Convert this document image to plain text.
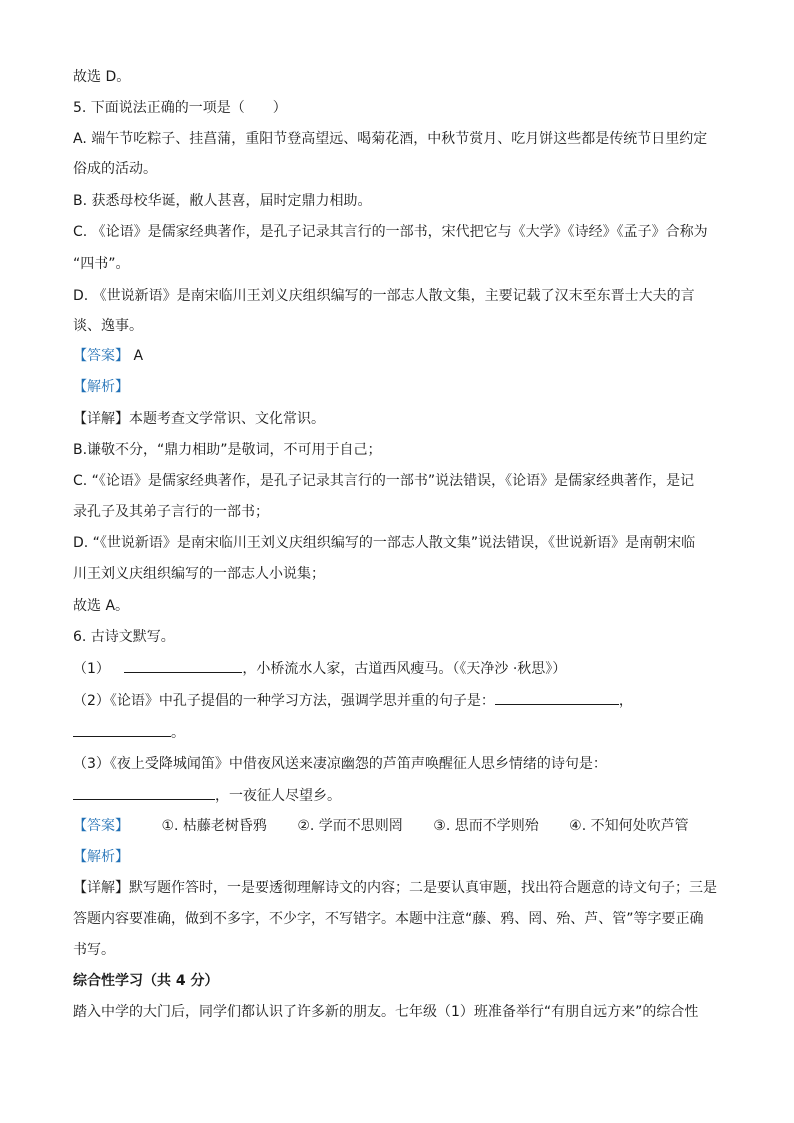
故选 D。
5. 下面说法正确的一项是（　　）
A. 端午节吃粽子、挂菖蒲，重阳节登高望远、喝菊花酒，中秋节赏月、吃月饼这些都是传统节日里约定
俗成的活动。
B. 获悉母校华诞，敝人甚喜，届时定鼎力相助。
C. 《论语》是儒家经典著作，是孔子记录其言行的一部书，宋代把它与《大学》《诗经》《孟子》合称为
“四书”。
D. 《世说新语》是南宋临川王刘义庆组织编写的一部志人散文集，主要记载了汉末至东晋士大夫的言
谈、逸事。
【答案】 A
【解析】
【详解】本题考查文学常识、文化常识。
B.谦敬不分，“鼎力相助”是敬词，不可用于自己；
C. “《论语》是儒家经典著作，是孔子记录其言行的一部书”说法错误，《论语》是儒家经典著作，是记
录孔子及其弟子言行的一部书；
D. “《世说新语》是南宋临川王刘义庆组织编写的一部志人散文集”说法错误，《世说新语》是南朝宋临
川王刘义庆组织编写的一部志人小说集；
故选 A。
6. 古诗文默写。
（1）	，小桥流水人家，古道西风瘦马。（《天净沙 ·秋思》）
（2）《论语》中孔子提倡的一种学习方法，强调学思并重的句子是：	，
。
（3）《夜上受降城闻笛》中借夜风送来凄凉幽怨的芦笛声唤醒征人思乡情绪的诗句是：
，一夜征人尽望乡。
【答案】 ①. 枯藤老树昏鸦 ②. 学而不思则罔 ③. 思而不学则殆 ④. 不知何处吹芦管
【解析】
【详解】默写题作答时，一是要透彻理解诗文的内容；二是要认真审题，找出符合题意的诗文句子；三是
答题内容要准确，做到不多字，不少字，不写错字。本题中注意“藤、鸦、罔、殆、芦、管”等字要正确
书写。
综合性学习（共 4 分）
踏入中学的大门后，同学们都认识了许多新的朋友。七年级（1）班准备举行“有朋自远方来”的综合性
